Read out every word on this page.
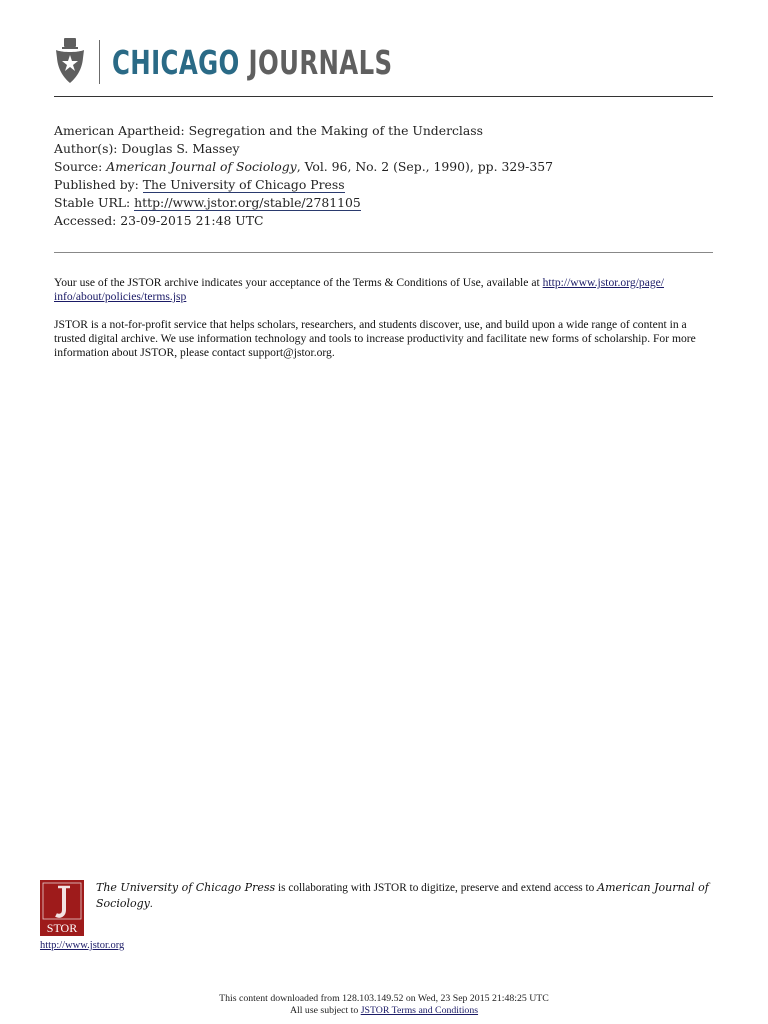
CHICAGO JOURNALS
American Apartheid: Segregation and the Making of the Underclass
Author(s): Douglas S. Massey
Source: American Journal of Sociology, Vol. 96, No. 2 (Sep., 1990), pp. 329-357
Published by: The University of Chicago Press
Stable URL: http://www.jstor.org/stable/2781105
Accessed: 23-09-2015 21:48 UTC

Your use of the JSTOR archive indicates your acceptance of the Terms & Conditions of Use, available at http://www.jstor.org/page/
info/about/policies/terms.jsp

JSTOR is a not-for-profit service that helps scholars, researchers, and students discover, use, and build upon a wide range of content in a trusted digital archive. We use information technology and tools to increase productivity and facilitate new forms of scholarship. For more information about JSTOR, please contact support@jstor.org.

STOR
http://www.jstor.org
The University of Chicago Press is collaborating with JSTOR to digitize, preserve and extend access to American Journal of Sociology.
This content downloaded from 128.103.149.52 on Wed, 23 Sep 2015 21:48:25 UTC
All use subject to JSTOR Terms and Conditions
